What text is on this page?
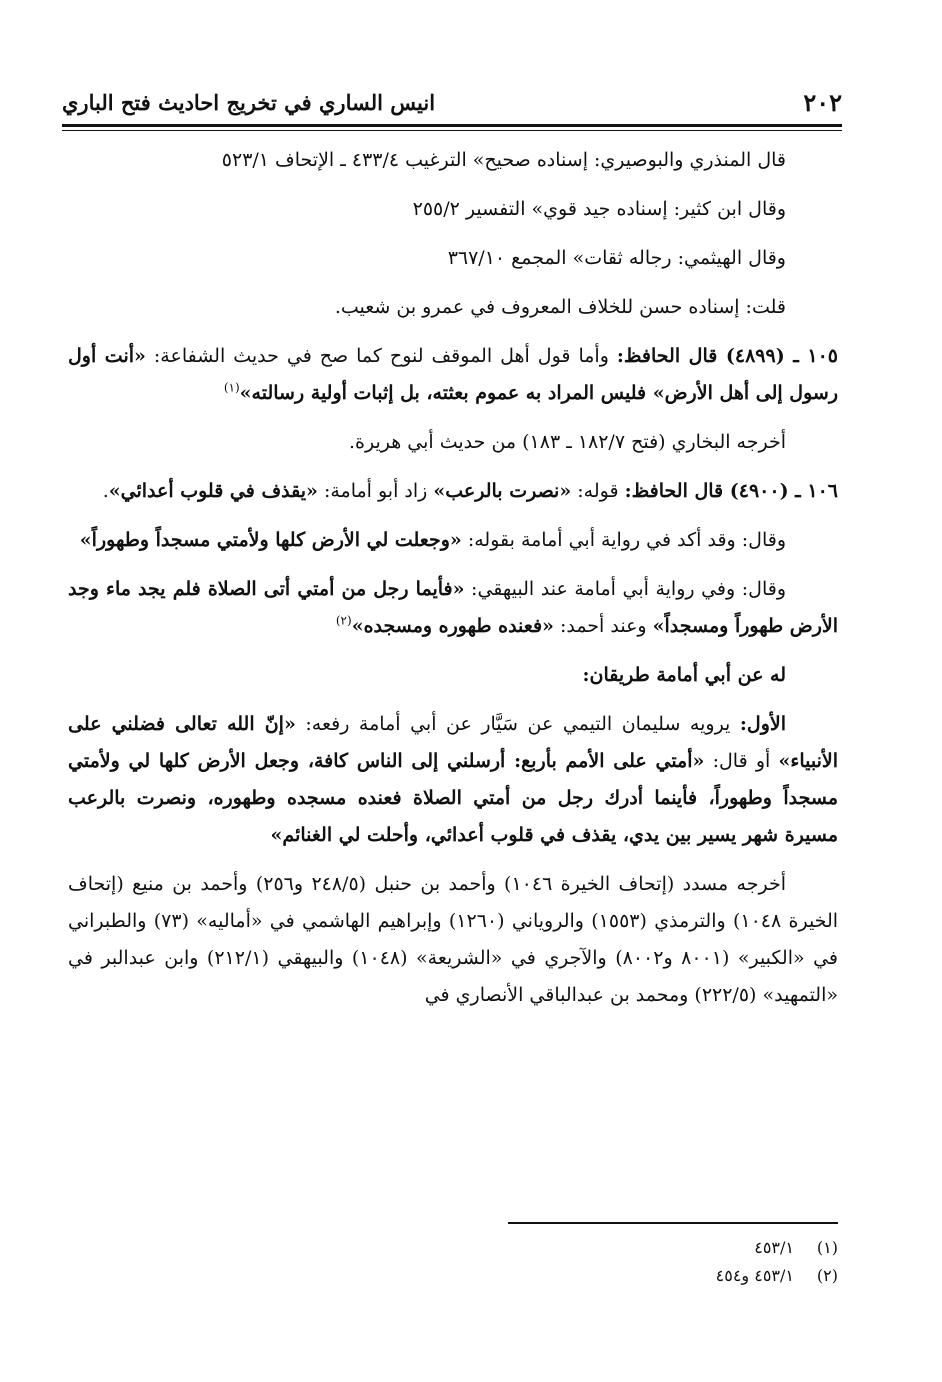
٢٠٢
انيس الساري في تخريج احاديث فتح الباري

قال المنذري والبوصيري: إسناده صحيح» الترغيب ٤٣٣/٤ ـ الإتحاف ٥٢٣/١

وقال ابن كثير: إسناده جيد قوي» التفسير ٢٥٥/٢

وقال الهيثمي: رجاله ثقات» المجمع ٣٦٧/١٠

قلت: إسناده حسن للخلاف المعروف في عمرو بن شعيب.

١٠٥ ـ (٤٨٩٩) قال الحافظ: وأما قول أهل الموقف لنوح كما صح في حديث الشفاعة: «أنت أول رسول إلى أهل الأرض» فليس المراد به عموم بعثته، بل إثبات أولية رسالته»$^{(١)}$

أخرجه البخاري (فتح ١٨٢/٧ ـ ١٨٣) من حديث أبي هريرة.

١٠٦ ـ (٤٩٠٠) قال الحافظ: قوله: «نصرت بالرعب» زاد أبو أمامة: «يقذف في قلوب أعدائي».

وقال: وقد أكد في رواية أبي أمامة بقوله: «وجعلت لي الأرض كلها ولأمتي مسجداً وطهوراً»

وقال: وفي رواية أبي أمامة عند البيهقي: «فأيما رجل من أمتي أتى الصلاة فلم يجد ماء وجد الأرض طهوراً ومسجداً» وعند أحمد: «فعنده طهوره ومسجده»$^{(٢)}$

له عن أبي أمامة طريقان:

الأول: يرويه سليمان التيمي عن سَيَّار عن أبي أمامة رفعه: «إنّ الله تعالى فضلني على الأنبياء» أو قال: «أمتي على الأمم بأربع: أرسلني إلى الناس كافة، وجعل الأرض كلها لي ولأمتي مسجداً وطهوراً، فأينما أدرك رجل من أمتي الصلاة فعنده مسجده وطهوره، ونصرت بالرعب مسيرة شهر يسير بين يدي، يقذف في قلوب أعدائي، وأحلت لي الغنائم»

أخرجه مسدد (إتحاف الخيرة ١٠٤٦) وأحمد بن حنبل (٢٤٨/٥ و٢٥٦) وأحمد بن منيع (إتحاف الخيرة ١٠٤٨) والترمذي (١٥٥٣) والروياني (١٢٦٠) وإبراهيم الهاشمي في «أماليه» (٧٣) والطبراني في «الكبير» (٨٠٠١ و٨٠٠٢) والآجري في «الشريعة» (١٠٤٨) والبيهقي (٢١٢/١) وابن عبدالبر في «التمهيد» (٢٢٢/٥) ومحمد بن عبدالباقي الأنصاري في

(١)٤٥٣/١

(٢)٤٥٣/١ و٤٥٤
